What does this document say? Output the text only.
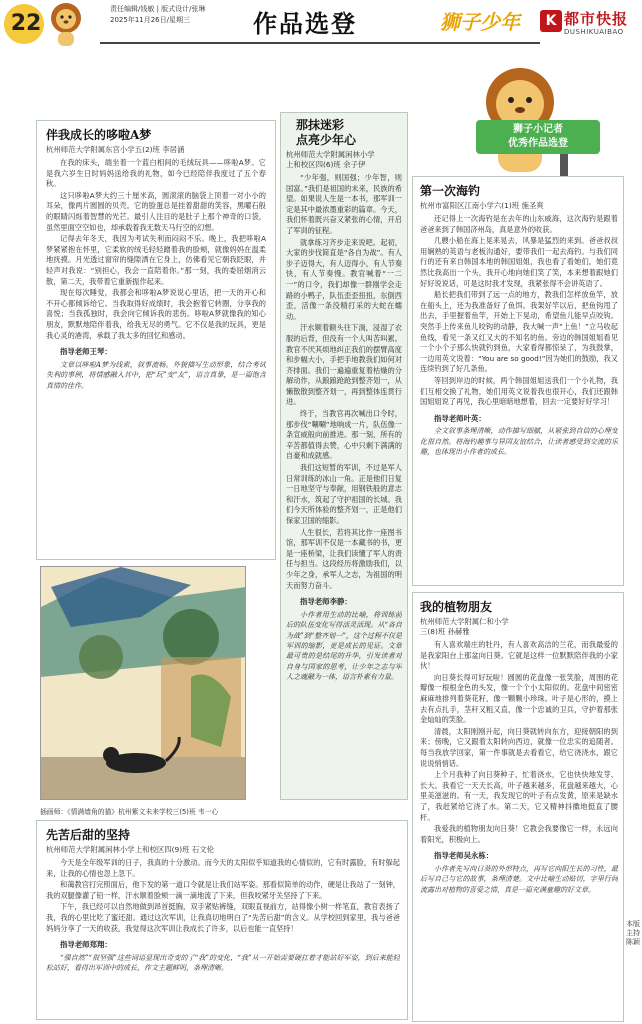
22
责任编辑/钱敏 | 版式设计/张琳
2025年11月26日/星期三	作品选登	狮子少年	K 都市快报
DUSHIKUAIBAO
狮子小记者
优秀作品选登
伴我成长的哆啦A梦
杭州师范大学附属东宫小学五(2)班 李居涵

在我的床头，端坐着一个蓝白相间的毛绒玩具——哆啦A梦。它是我六岁生日时妈妈送给我的礼物，如今已经陪伴我度过了五个春秋。

这只哆啦A梦大约三十厘米高，圆滚滚的脑袋上顶着一对小小的耳朵，像两片圆圆的贝壳。它的脸蛋总是挂着甜甜的笑容，黑曜石般的眼睛闪烁着智慧的光芒。最引人注目的是肚子上那个神奇的口袋，虽然里面空空如也，却承载着我无数天马行空的幻想。

记得去年冬天，我因为考试失利而闷闷不乐。晚上，我把哆啦A梦紧紧抱在怀里，它柔软的绒毛轻轻蹭着我的脸颊，就像妈妈在温柔地抚摸。月光透过窗帘的缝隙洒在它身上，仿佛看见它朝我眨眼，并轻声对我说：“别担心，我会一直陪着你。”那一刻，我的委屈烟消云散，第二天，我带着它重新振作起来。

现在每次睡觉，我都会和哆啦A梦说说心里话，把一天的开心和不开心都倾诉给它。当我取得好成绩时，我会抱着它转圈，分享我的喜悦；当我孤独时，我会向它倾诉我的悲伤。哆啦A梦就像我的知心朋友，默默地陪伴着我，给我无尽的勇气。它不仅是我的玩具，更是我心灵的港湾，承载了我太多的回忆和感动。

指导老师王琴：
文章以哆啦A梦为线索，叙事流畅。外貌描写生动形象，结合考试失利的事例，将情感融入其中，把“玩”变“友”，语言真挚，是一篇饱含真情的佳作。
插画师：《情满墙角的猫》杭州紫文未来学校三(5)班 韦一心
那抹迷彩
点亮少年心
杭州师范大学附属闲林小学
上和校区四(6)班 余子伊

“少年强，则国强；少年智，则国富。”我们是祖国的未来，民族的希望。如果说人生是一本书，那军训一定是其中最浓墨重彩的篇章。今天，我们怀着既兴奋又紧张的心情，开启了军训的征程。

就拿练习齐步走来说吧。起初，大家的步伐简直是“各自为战”。有人步子迈得大，有人迈得小，有人节奏快，有人节奏慢。教官喊着“一二一”的口令，我们却像一群刚学会走路的小鸭子，队伍歪歪扭扭，东倒西歪，活像一条没精打采的大蛇在蠕动。

汗水顺着额头往下淌，浸湿了衣服的后背，但没有一个人叫苦叫累。教官不厌其烦地纠正我们的摆臂高度和步幅大小，手把手地教我们如何对齐排面。我们一遍遍重复着枯燥的分解动作，从踉踉跄跄到整齐划一，从懒散散到整齐划一，再到整体连贯行进。

终于，当教官再次喊出口令时，那步伐“唰唰”地响成一片，队伍像一条宣威般向前推进。那一刻，所有的辛苦都值得去赞，心中只剩下满满的自豪和成就感。

我们这短暂的军训，不过是军人日常训练的冰山一角。正是他们日复一日地坚守与奉献，用钢铁般的意志和汗水，筑起了守护祖国的长城。我们今天所体验的整齐划一，正是他们保家卫国的缩影。

人生很长，若将其比作一座图书馆，那军训不仅是一本藏书的书，更是一座桥梁，让我们读懂了军人的责任与担当。这段经历将激励我们，以少年之身，承军人之志，为祖国的明天而努力奋斗。

指导老师李静：
小作者用生动的比喻，将训练前后的队伍变化写得活灵活现。从“各自为战”到“整齐划一”，这个过程不仅是军训的缩影，更是成长的见证。文章最可贵的是结尾的升华，引发读者对自身与国家的思考，让少年之志与军人之魂融为一体，语言朴素有力量。
第一次海钓
杭州市富阳区江南小学六(1)班 施圣爽

还记得上一次海钓是在去年的山东威海，这次海钓是跟着爸爸来到了韩国济州岛，真是意外的收获。

几艘小船在海上晃来晃去，风暴是猛烈的来到。爸爸叔叔用娴熟的英语与老板沟通好，要带我们一起去海钓。与我们同行的还有来自韩国本地的韩国姐姐，我也看了看她们，她们竟然比我高出一个头，我开心地向她们笑了笑，本来想着跟她们好好说说话，可是这时我才发现，我紧张得不会讲英语了。

船长把我们带到了远一点的地方，教我们怎样放鱼竿，放在船头上，还为我准备好了鱼饵。我架好竿以后，把鱼钩甩了出去，手里握着鱼竿，开始上下晃动，希望鱼儿能早点咬钩。突然手上传来鱼儿咬钩的动静，我大喊一声“上鱼！”立马收起鱼线，看见一条又红又大的不知名的鱼。旁边的韩国姐姐看见一个小个子那么快就钓到鱼，大家看得都惊呆了，为我鼓掌，一边用英文说着：“You are so good!”因为她们的鼓励，我又连续钓到了好几条鱼。

等回到岸边的时候，两个韩国姐姐送我们一个小礼物，我们互相交换了礼物，她们用英文说着我也很开心，我们还跟韩国姐姐说了再见，我心里暗暗地想着，回去一定要好好学习！

指导老师叶英：
全文叙事条理清晰，动作描写细腻，从紧张到自信的心理变化很自然。将海钓趣事与异国友谊结合，让读者感受到交流的乐趣，也体现出小作者的成长。
我的植物朋友
杭州师范大学附属仁和小学
三(8)班 孙赫雅

有人喜欢端庄的牡丹，有人喜欢高洁的兰花，而我最爱的是我家阳台上那盆向日葵。它就是这样一位默默陪伴我的小家伙！

向日葵长得可好玩啦！圆圆的花盘像一张笑脸，周围的花瓣像一根根金色的头发，像一个个小太阳似的。花盘中间密密麻麻地排列着葵花籽，像一颗颗小珍珠。叶子是心形的，摸上去有点扎手，茎秆又粗又直，像一个忠诚的卫兵，守护着那张金灿灿的笑脸。

清晨，太阳刚刚升起，向日葵就转向东方，迎接朝阳的到来；傍晚，它又跟着太阳转向西边，就像一位忠实的追随者。每当我放学回家，第一件事就是去看看它，给它浇浇水，跟它说说悄悄话。

上个月我种了向日葵种子，忙着浇水，它也快快地发芽、长大。我看它一天天长高，叶子越来越多，花盘越来越大，心里美滋滋的。有一天，我发现它的叶子有点发黄，原来是缺水了，我赶紧给它浇了水。第二天，它又精神抖擞地挺直了腰杆。

我爱我的植物朋友向日葵！它教会我要像它一样，永远向着阳光，积极向上。

指导老师吴永栋：
小作者先写向日葵的外形特点，再写它向阳生长的习性，最后写自己与它的故事，条理清楚。文中比喻生动贴切，字里行间流露出对植物的喜爱之情，真是一篇充满童趣的好文章。
先苦后甜的坚持
杭州师范大学附属闲林小学上和校区四(9)班 石文伦

今天是全年级军训的日子，我真的十分激动。而今天的太阳似乎知道我的心情似的，它有时露脸，有时躲起来，让我的心情也忽上忽下。

和蔼教官打完照面后，他下发的第一道口令就是让我们站军姿。那看似简单的动作，硬是让我站了一刻钟，我的双腿像灌了铅一样，汗水顺着脸颊一滴一滴地流了下来，但我咬紧牙关坚持了下来。

下午，我已经可以自然地做到昂首挺胸，双手紧贴裤缝，双眼直视前方，站得像小树一样笔直，教官表扬了我，我的心里比吃了蜜还甜。通过这次军训，让我真切地明白了“先苦后甜”的含义。从学校回到家里，我与爸爸妈妈分享了一天的收获，我觉得这次军训让我成长了许多，以后也能一直坚持！

指导老师郑翔：
“强自然”“很坚强”这些词语显现出奇变的了“我”的变化，“我”从一开始需要硬扛着才能站好军姿，到后来能轻松站好，看得出军训中的成长，作文主题鲜明，条理清晰。
本版主持 陈颖
